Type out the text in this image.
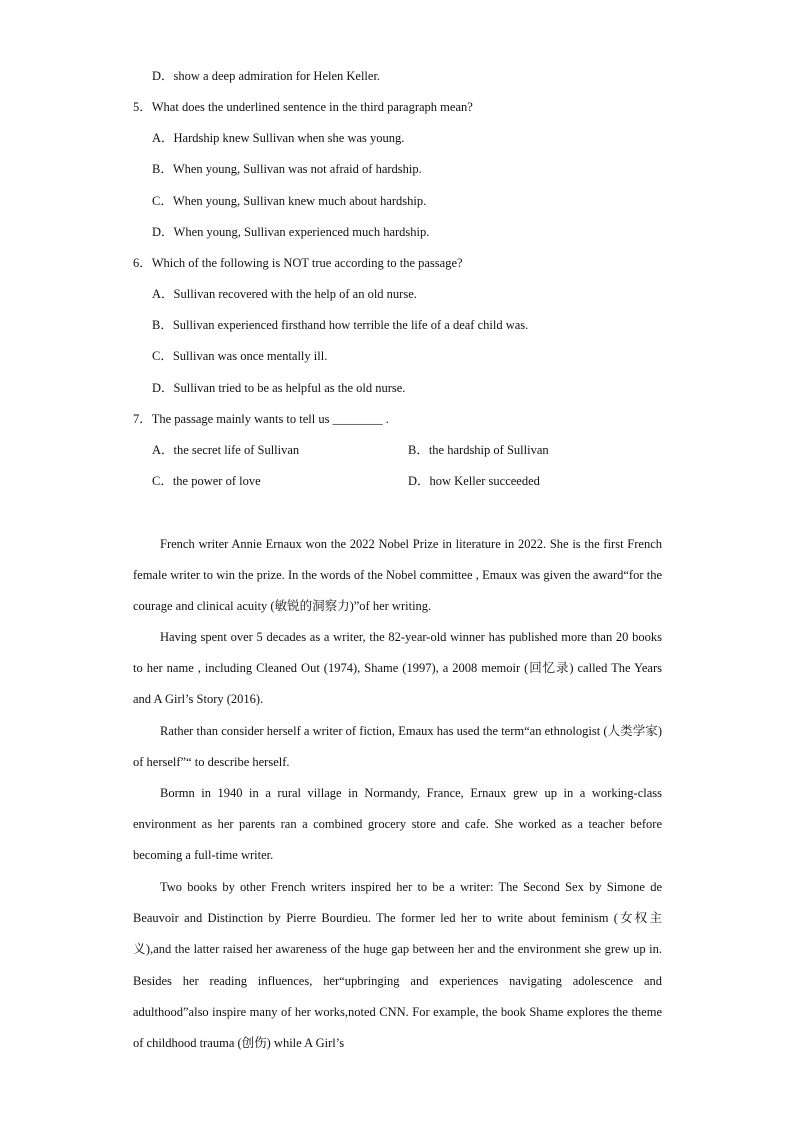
D．show a deep admiration for Helen Keller.
5．What does the underlined sentence in the third paragraph mean?
A．Hardship knew Sullivan when she was young.
B．When young, Sullivan was not afraid of hardship.
C．When young, Sullivan knew much about hardship.
D．When young, Sullivan experienced much hardship.
6．Which of the following is NOT true according to the passage?
A．Sullivan recovered with the help of an old nurse.
B．Sullivan experienced firsthand how terrible the life of a deaf child was.
C．Sullivan was once mentally ill.
D．Sullivan tried to be as helpful as the old nurse.
7．The passage mainly wants to tell us ________ .
A．the secret life of Sullivan	B．the hardship of Sullivan
C．the power of love	D．how Keller succeeded

French writer Annie Ernaux won the 2022 Nobel Prize in literature in 2022. She is the first French female writer to win the prize. In the words of the Nobel committee , Emaux was given the award“for the courage and clinical acuity (敏锐的洞察力)”of her writing.

Having spent over 5 decades as a writer, the 82-year-old winner has published more than 20 books to her name , including Cleaned Out (1974), Shame (1997), a 2008 memoir (回忆录) called The Years and A Girl’s Story (2016).

Rather than consider herself a writer of fiction, Emaux has used the term“an ethnologist (人类学家) of herself”“ to describe herself.

Bormn in 1940 in a rural village in Normandy, France, Ernaux grew up in a working-class environment as her parents ran a combined grocery store and cafe. She worked as a teacher before becoming a full-time writer.

Two books by other French writers inspired her to be a writer: The Second Sex by Simone de Beauvoir and Distinction by Pierre Bourdieu. The former led her to write about feminism (女权主义),and the latter raised her awareness of the huge gap between her and the environment she grew up in. Besides her reading influences, her“upbringing and experiences navigating adolescence and adulthood”also inspire many of her works,noted CNN. For example, the book Shame explores the theme of childhood trauma (创伤) while A Girl’s
